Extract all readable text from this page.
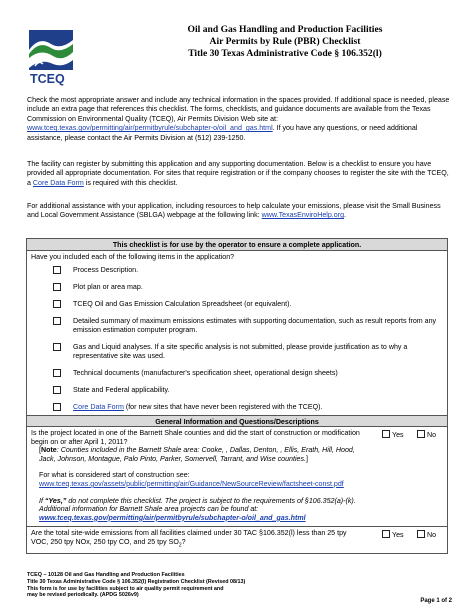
TCEQ
Oil and Gas Handling and Production Facilities
Air Permits by Rule (PBR) Checklist
Title 30 Texas Administrative Code § 106.352(l)

Check the most appropriate answer and include any technical information in the spaces provided. If additional space is needed, please include an extra page that references this checklist. The forms, checklists, and guidance documents are available from the Texas Commission on Environmental Quality (TCEQ), Air Permits Division Web site at: www.tceq.texas.gov/permitting/air/permitbyrule/subchapter-o/oil_and_gas.html. If you have any questions, or need additional assistance, please contact the Air Permits Division at (512) 239-1250.

The facility can register by submitting this application and any supporting documentation. Below is a checklist to ensure you have provided all appropriate documentation. For sites that require registration or if the company chooses to register the site with the TCEQ, a Core Data Form is required with this checklist.

For additional assistance with your application, including resources to help calculate your emissions, please visit the Small Business and Local Government Assistance (SBLGA) webpage at the following link: www.TexasEnviroHelp.org.

This checklist is for use by the operator to ensure a complete application.
Have you included each of the following items in the application?
Process Description.
Plot plan or area map.
TCEQ Oil and Gas Emission Calculation Spreadsheet (or equivalent).
Detailed summary of maximum emissions estimates with supporting documentation, such as result reports from any emission estimation computer program.
Gas and Liquid analyses. If a site specific analysis is not submitted, please provide justification as to why a representative site was used.
Technical documents (manufacturer's specification sheet, operational design sheets)
State and Federal applicability.
Core Data Form (for new sites that have never been registered with the TCEQ).
General Information and Questions/Descriptions
Is the project located in one of the Barnett Shale counties and did the start of construction or modification begin on or after April 1, 2011?
[Note: Counties included in the Barnett Shale area: Cooke, , Dallas, Denton, , Ellis, Erath, Hill, Hood, Jack, Johnson, Montague, Palo Pinto, Parker, Somervell, Tarrant, and Wise counties.]
For what is considered start of construction see:
www.tceq.texas.gov/assets/public/permitting/air/Guidance/NewSourceReview/factsheet-const.pdf
If “Yes,” do not complete this checklist. The project is subject to the requirements of §106.352(a)-(k). Additional information for Barnett Shale area projects can be found at:
www.tceq.texas.gov/permitting/air/permitbyrule/subchapter-o/oil_and_gas.html
Yes	No
Are the total site-wide emissions from all facilities claimed under 30 TAC §106.352(l) less than 25 tpy VOC, 250 tpy NOx, 250 tpy CO, and 25 tpy $SO_2$?
Yes	No
TCEQ – 10128 Oil and Gas Handling and Production Facilities
Title 30 Texas Administrative Code § 106.352(l) Registration Checklist (Revised 08/13)
This form is for use by facilities subject to air quality permit requirement and
may be revised periodically. (APDG 5026v9)
Page 1 of 2
